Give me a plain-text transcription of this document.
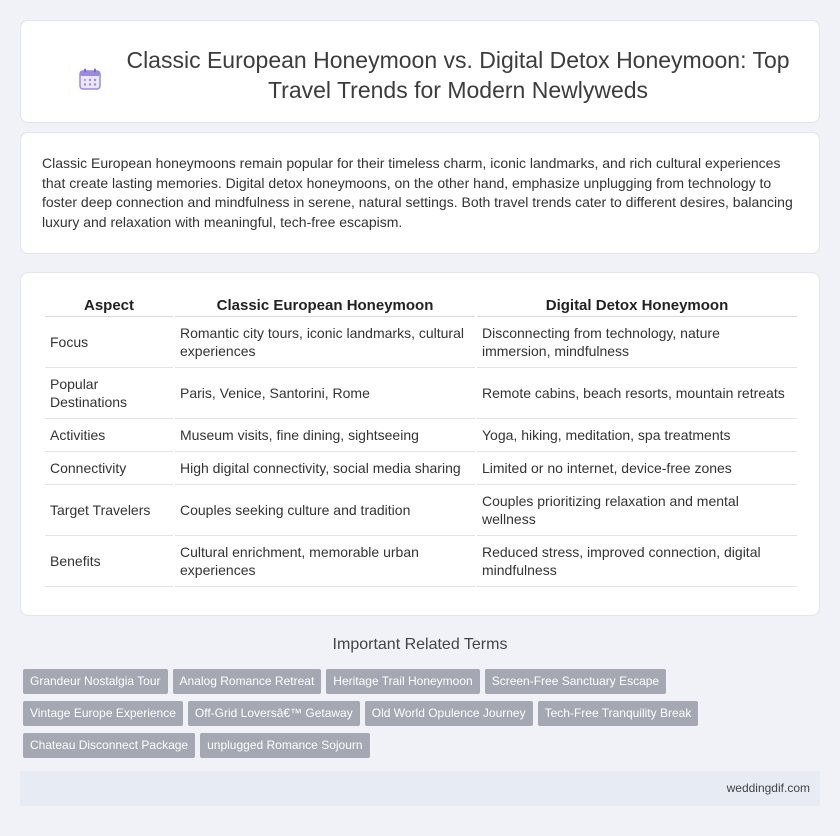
Classic European Honeymoon vs. Digital Detox Honeymoon: Top Travel Trends for Modern Newlyweds

Classic European honeymoons remain popular for their timeless charm, iconic landmarks, and rich cultural experiences that create lasting memories. Digital detox honeymoons, on the other hand, emphasize unplugging from technology to foster deep connection and mindfulness in serene, natural settings. Both travel trends cater to different desires, balancing luxury and relaxation with meaningful, tech-free escapism.

Aspect	Classic European Honeymoon	Digital Detox Honeymoon
Focus	Romantic city tours, iconic landmarks, cultural experiences	Disconnecting from technology, nature immersion, mindfulness
Popular Destinations	Paris, Venice, Santorini, Rome	Remote cabins, beach resorts, mountain retreats
Activities	Museum visits, fine dining, sightseeing	Yoga, hiking, meditation, spa treatments
Connectivity	High digital connectivity, social media sharing	Limited or no internet, device-free zones
Target Travelers	Couples seeking culture and tradition	Couples prioritizing relaxation and mental wellness
Benefits	Cultural enrichment, memorable urban experiences	Reduced stress, improved connection, digital mindfulness
Important Related Terms
Grandeur Nostalgia Tour Analog Romance Retreat Heritage Trail Honeymoon Screen-Free Sanctuary Escape
Vintage Europe Experience Off-Grid Loversâ€™ Getaway Old World Opulence Journey Tech-Free Tranquility Break
Chateau Disconnect Package unplugged Romance Sojourn
weddingdif.com
